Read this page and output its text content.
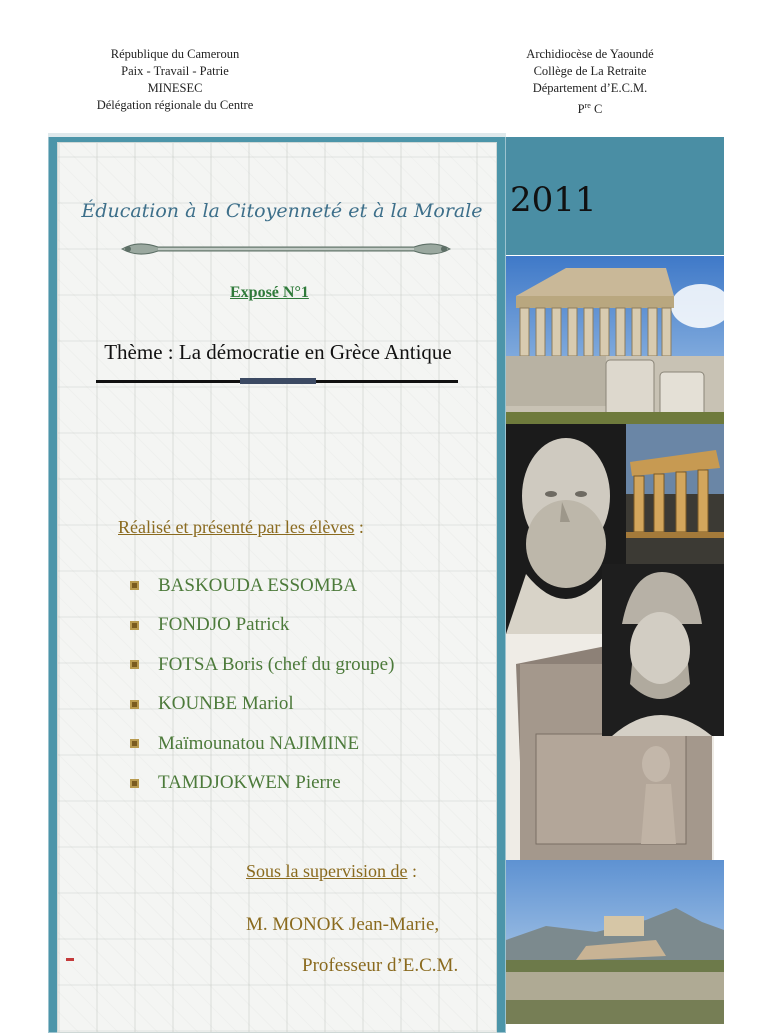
République du Cameroun
Paix - Travail - Patrie
MINESEC
Délégation régionale du Centre
Archidiocèse de Yaoundé
Collège de La Retraite
Département d’E.C.M.
$P^{re}$ C
Éducation à la Citoyenneté et à la Morale
Exposé N°1
Thème : La démocratie en Grèce Antique
Réalisé et présenté par les élèves :
BASKOUDA ESSOMBA
FONDJO Patrick
FOTSA Boris (chef du groupe)
KOUNBE Mariol
Maïmounatou NAJIMINE
TAMDJOKWEN Pierre
Sous la supervision de :
M. MONOK Jean-Marie,
Professeur d’E.C.M.
2011
